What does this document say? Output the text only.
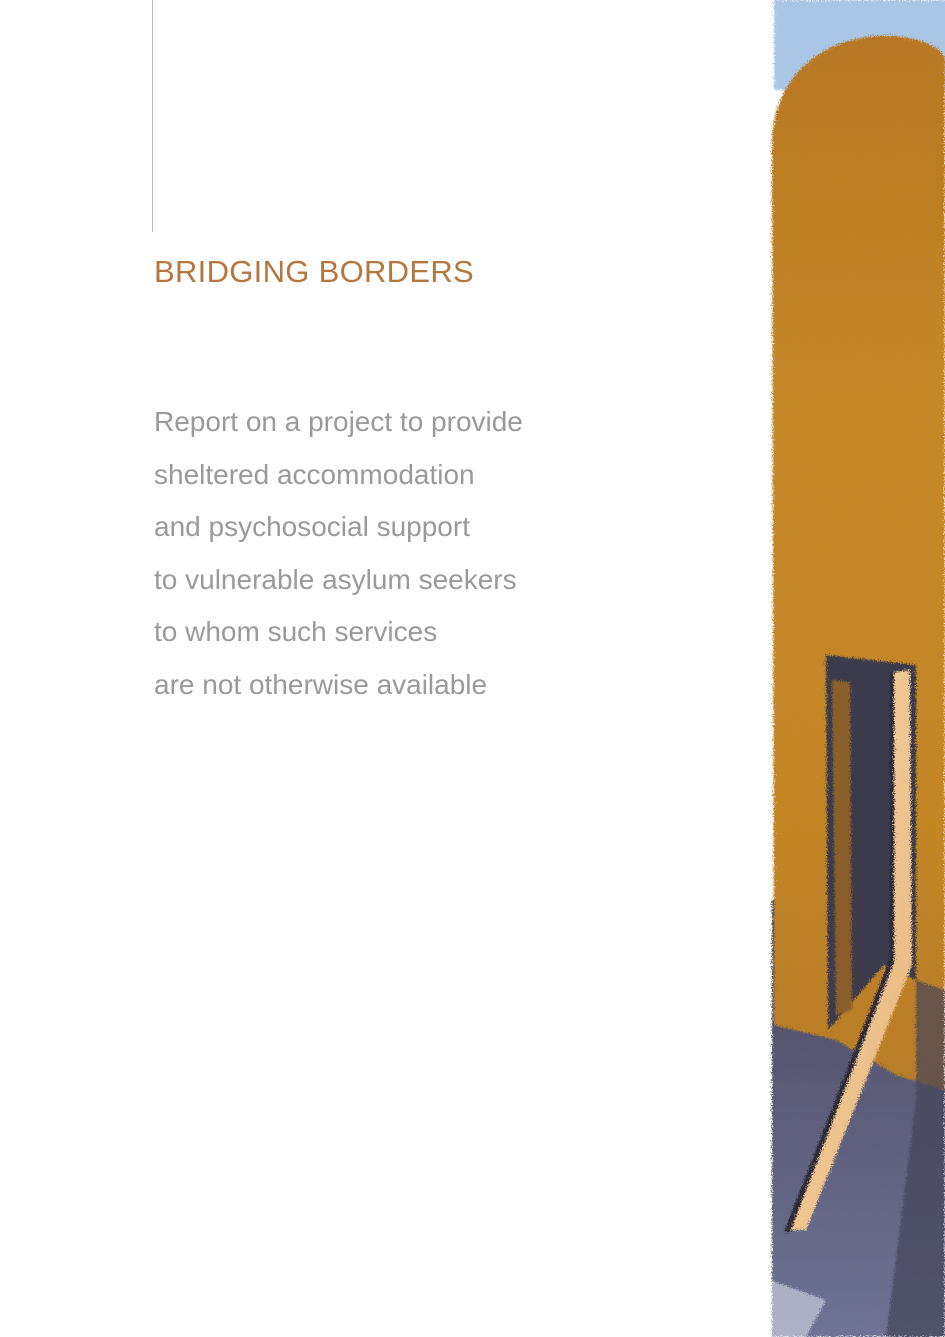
BRIDGING BORDERS
Report on a project to provide
sheltered accommodation
and psychosocial support
to vulnerable asylum seekers
to whom such services
are not otherwise available
